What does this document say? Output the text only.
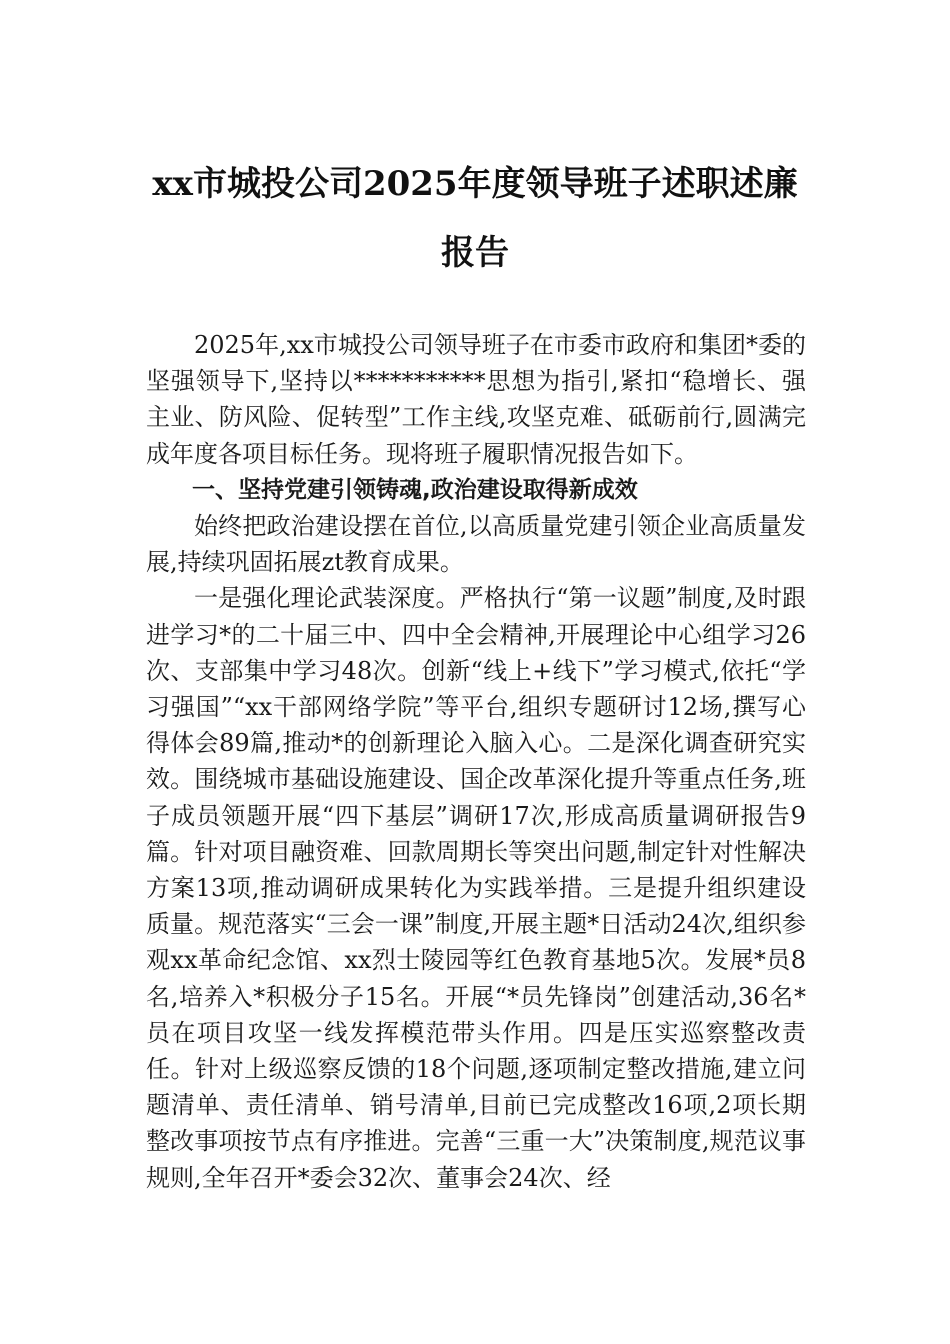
xx市城投公司2025年度领导班子述职述廉
报告

2025年,xx市城投公司领导班子在市委市政府和集团*委的坚强领导下,坚持以***********思想为指引,紧扣“稳增长、强主业、防风险、促转型”工作主线,攻坚克难、砥砺前行,圆满完成年度各项目标任务。现将班子履职情况报告如下。

一、坚持党建引领铸魂,政治建设取得新成效

始终把政治建设摆在首位,以高质量党建引领企业高质量发展,持续巩固拓展zt教育成果。

一是强化理论武装深度。严格执行“第一议题”制度,及时跟进学习*的二十届三中、四中全会精神,开展理论中心组学习26次、支部集中学习48次。创新“线上+线下”学习模式,依托“学习强国”“xx干部网络学院”等平台,组织专题研讨12场,撰写心得体会89篇,推动*的创新理论入脑入心。二是深化调查研究实效。围绕城市基础设施建设、国企改革深化提升等重点任务,班子成员领题开展“四下基层”调研17次,形成高质量调研报告9篇。针对项目融资难、回款周期长等突出问题,制定针对性解决方案13项,推动调研成果转化为实践举措。三是提升组织建设质量。规范落实“三会一课”制度,开展主题*日活动24次,组织参观xx革命纪念馆、xx烈士陵园等红色教育基地5次。发展*员8名,培养入*积极分子15名。开展“*员先锋岗”创建活动,36名*员在项目攻坚一线发挥模范带头作用。四是压实巡察整改责任。针对上级巡察反馈的18个问题,逐项制定整改措施,建立问题清单、责任清单、销号清单,目前已完成整改16项,2项长期整改事项按节点有序推进。完善“三重一大”决策制度,规范议事规则,全年召开*委会32次、董事会24次、经
